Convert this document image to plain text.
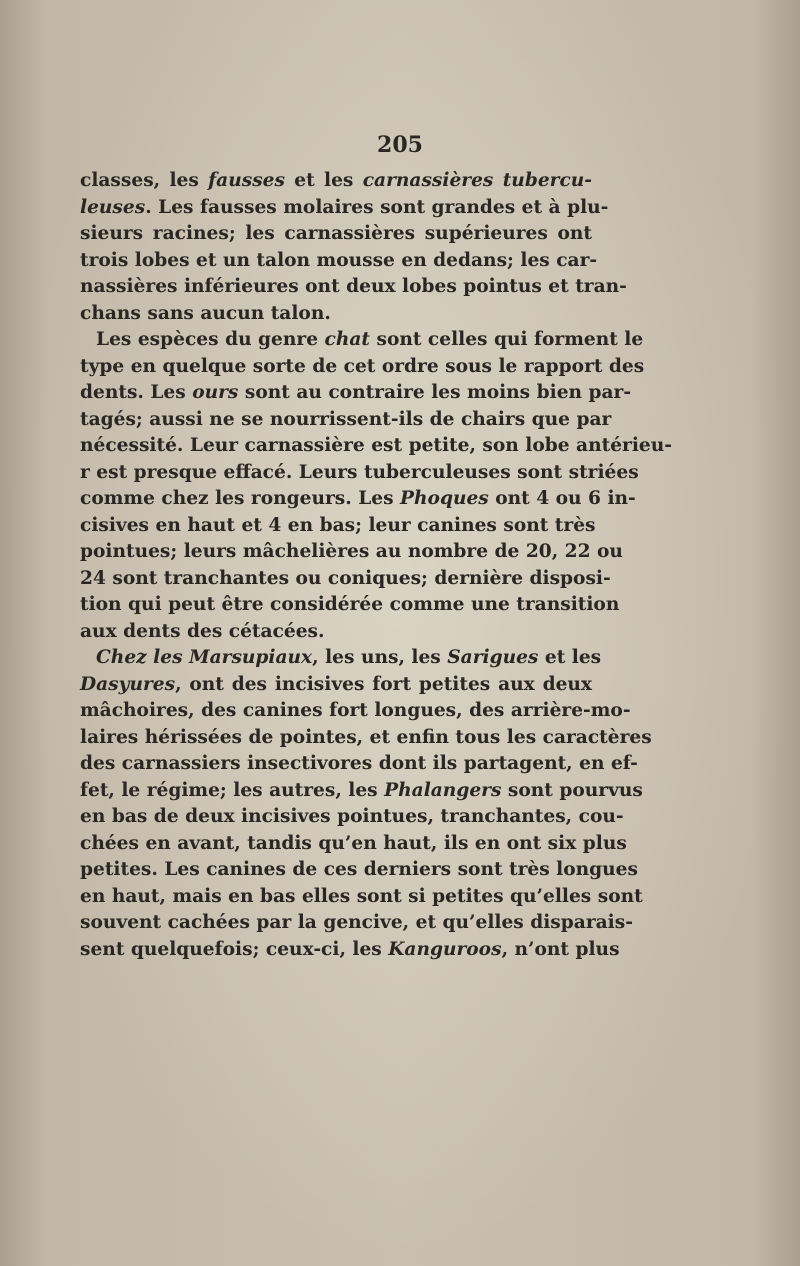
205
classes, les fausses et les carnassières tubercu-
leuses. Les fausses molaires sont grandes et à plu-
sieurs racines; les carnassières supérieures ont
trois lobes et un talon mousse en dedans; les car-
nassières inférieures ont deux lobes pointus et tran-
chans sans aucun talon.
Les espèces du genre chat sont celles qui forment le
type en quelque sorte de cet ordre sous le rapport des
dents. Les ours sont au contraire les moins bien par-
tagés; aussi ne se nourrissent-ils de chairs que par
nécessité. Leur carnassière est petite, son lobe antérieu-
r est presque effacé. Leurs tuberculeuses sont striées
comme chez les rongeurs. Les Phoques ont 4 ou 6 in-
cisives en haut et 4 en bas; leur canines sont très
pointues; leurs mâchelières au nombre de 20, 22 ou
24 sont tranchantes ou coniques; dernière disposi-
tion qui peut être considérée comme une transition
aux dents des cétacées.
Chez les Marsupiaux, les uns, les Sarigues et les
Dasyures, ont des incisives fort petites aux deux
mâchoires, des canines fort longues, des arrière-mo-
laires hérissées de pointes, et enfin tous les caractères
des carnassiers insectivores dont ils partagent, en ef-
fet, le régime; les autres, les Phalangers sont pourvus
en bas de deux incisives pointues, tranchantes, cou-
chées en avant, tandis qu’en haut, ils en ont six plus
petites. Les canines de ces derniers sont très longues
en haut, mais en bas elles sont si petites qu’elles sont
souvent cachées par la gencive, et qu’elles disparais-
sent quelquefois; ceux-ci, les Kanguroos, n’ont plus
